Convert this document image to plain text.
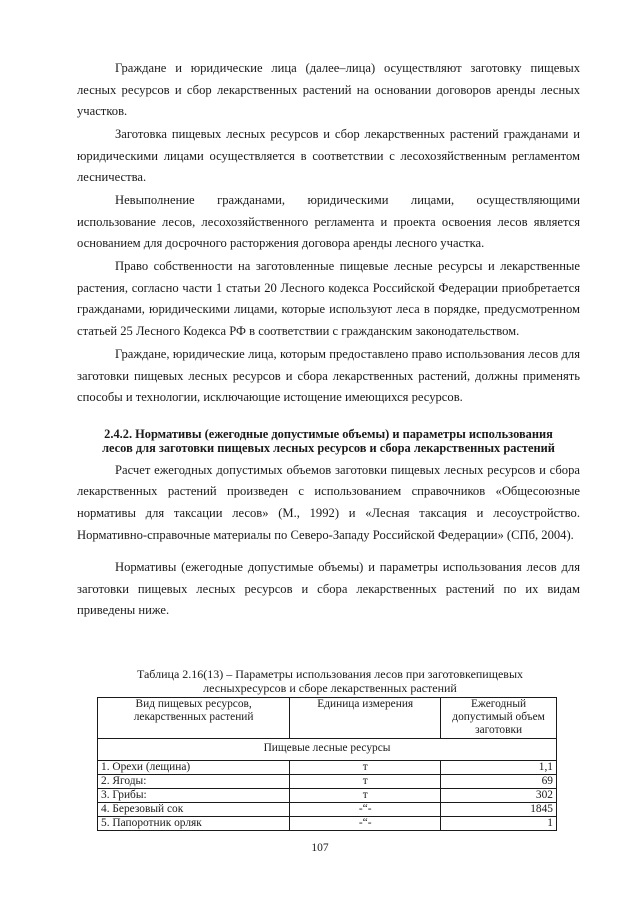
Граждане и юридические лица (далее–лица) осуществляют заготовку пищевых лесных ресурсов и сбор лекарственных растений на основании договоров аренды лесных участков.

Заготовка пищевых лесных ресурсов и сбор лекарственных растений гражданами и юридическими лицами осуществляется в соответствии с лесохозяйственным регламентом лесничества.

Невыполнение гражданами, юридическими лицами, осуществляющими использование лесов, лесохозяйственного регламента и проекта освоения лесов является основанием для досрочного расторжения договора аренды лесного участка.

Право собственности на заготовленные пищевые лесные ресурсы и лекарственные растения, согласно части 1 статьи 20 Лесного кодекса Российской Федерации приобретается гражданами, юридическими лицами, которые используют леса в порядке, предусмотренном статьей 25 Лесного Кодекса РФ в соответствии с гражданским законодательством.

Граждане, юридические лица, которым предоставлено право использования лесов для заготовки пищевых лесных ресурсов и сбора лекарственных растений, должны применять способы и технологии, исключающие истощение имеющихся ресурсов.

2.4.2. Нормативы (ежегодные допустимые объемы) и параметры использования лесов для заготовки пищевых лесных ресурсов и сбора лекарственных растений

Расчет ежегодных допустимых объемов заготовки пищевых лесных ресурсов и сбора лекарственных растений произведен с использованием справочников «Общесоюзные нормативы для таксации лесов» (М., 1992) и «Лесная таксация и лесоустройство. Нормативно-справочные материалы по Северо-Западу Российской Федерации» (СПб, 2004).

Нормативы (ежегодные допустимые объемы) и параметры использования лесов для заготовки пищевых лесных ресурсов и сбора лекарственных растений по их видам приведены ниже.

Таблица 2.16(13) – Параметры использования лесов при заготовкепищевых
лесныхресурсов и сборе лекарственных растений
Вид пищевых ресурсов, лекарственных растений	Единица измерения	Ежегодный допустимый объем заготовки
Пищевые лесные ресурсы		
1. Орехи (лещина)	т	1,1
2. Ягоды:	т	69
3. Грибы:	т	302
4. Березовый сок	-“-	1845
5. Папоротник орляк	-“-	1
107
